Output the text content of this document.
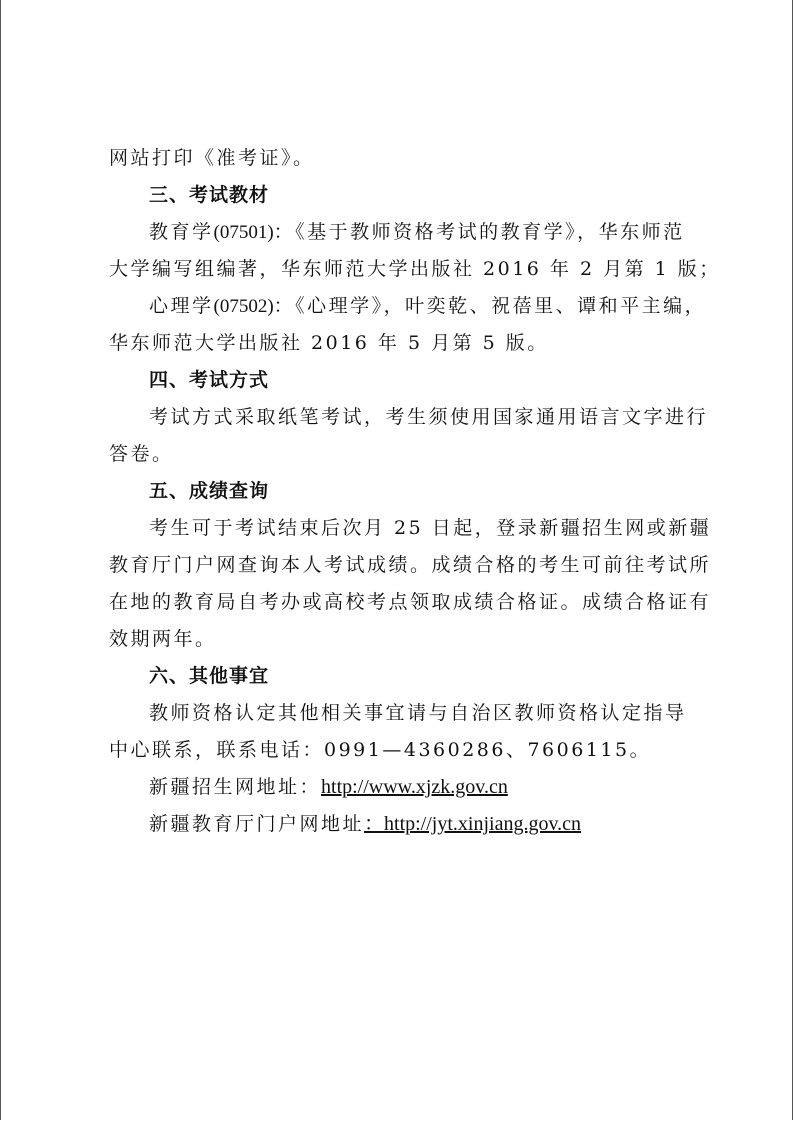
网站打印《准考证》。
三、考试教材
教育学(07501)：《基于教师资格考试的教育学》，华东师范
大学编写组编著，华东师范大学出版社 2016 年 2 月第 1 版；
心理学(07502)：《心理学》，叶奕乾、祝蓓里、谭和平主编，
华东师范大学出版社 2016 年 5 月第 5 版。
四、考试方式
考试方式采取纸笔考试，考生须使用国家通用语言文字进行
答卷。
五、成绩查询
考生可于考试结束后次月 25 日起，登录新疆招生网或新疆
教育厅门户网查询本人考试成绩。成绩合格的考生可前往考试所
在地的教育局自考办或高校考点领取成绩合格证。成绩合格证有
效期两年。
六、其他事宜
教师资格认定其他相关事宜请与自治区教师资格认定指导
中心联系，联系电话：0991—4360286、7606115。
新疆招生网地址：http://www.xjzk.gov.cn
新疆教育厅门户网地址：http://jyt.xinjiang.gov.cn
